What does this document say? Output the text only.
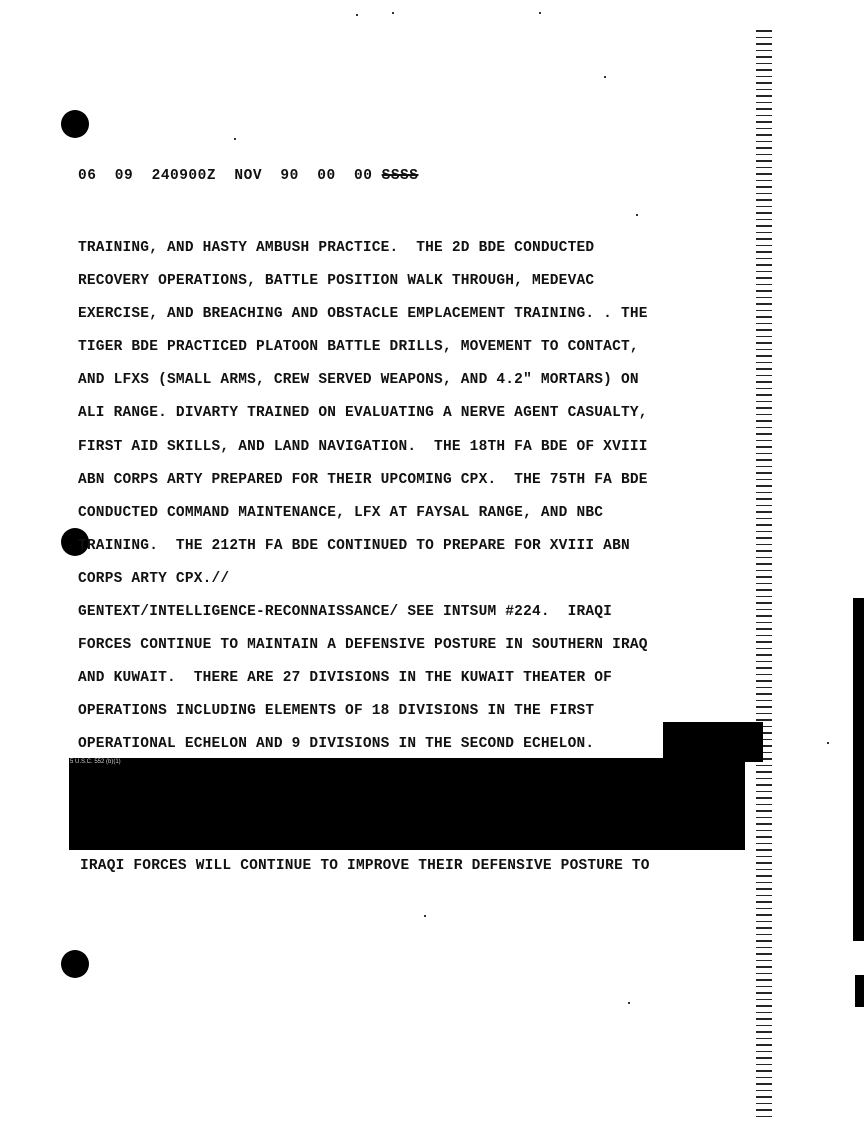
06  09  240900Z  NOV  90  00  00 SSSS
TRAINING, AND HASTY AMBUSH PRACTICE.  THE 2D BDE CONDUCTED
RECOVERY OPERATIONS, BATTLE POSITION WALK THROUGH, MEDEVAC
EXERCISE, AND BREACHING AND OBSTACLE EMPLACEMENT TRAINING. . THE
TIGER BDE PRACTICED PLATOON BATTLE DRILLS, MOVEMENT TO CONTACT,
AND LFXS (SMALL ARMS, CREW SERVED WEAPONS, AND 4.2" MORTARS) ON
ALI RANGE. DIVARTY TRAINED ON EVALUATING A NERVE AGENT CASUALTY,
FIRST AID SKILLS, AND LAND NAVIGATION.  THE 18TH FA BDE OF XVIII
ABN CORPS ARTY PREPARED FOR THEIR UPCOMING CPX.  THE 75TH FA BDE
CONDUCTED COMMAND MAINTENANCE, LFX AT FAYSAL RANGE, AND NBC
TRAINING.  THE 212TH FA BDE CONTINUED TO PREPARE FOR XVIII ABN
CORPS ARTY CPX.//
GENTEXT/INTELLIGENCE-RECONNAISSANCE/ SEE INTSUM #224.  IRAQI
FORCES CONTINUE TO MAINTAIN A DEFENSIVE POSTURE IN SOUTHERN IRAQ
AND KUWAIT.  THERE ARE 27 DIVISIONS IN THE KUWAIT THEATER OF
OPERATIONS INCLUDING ELEMENTS OF 18 DIVISIONS IN THE FIRST
OPERATIONAL ECHELON AND 9 DIVISIONS IN THE SECOND ECHELON.
5 U.S.C. 552 (b)(1)
IRAQI FORCES WILL CONTINUE TO IMPROVE THEIR DEFENSIVE POSTURE TO
